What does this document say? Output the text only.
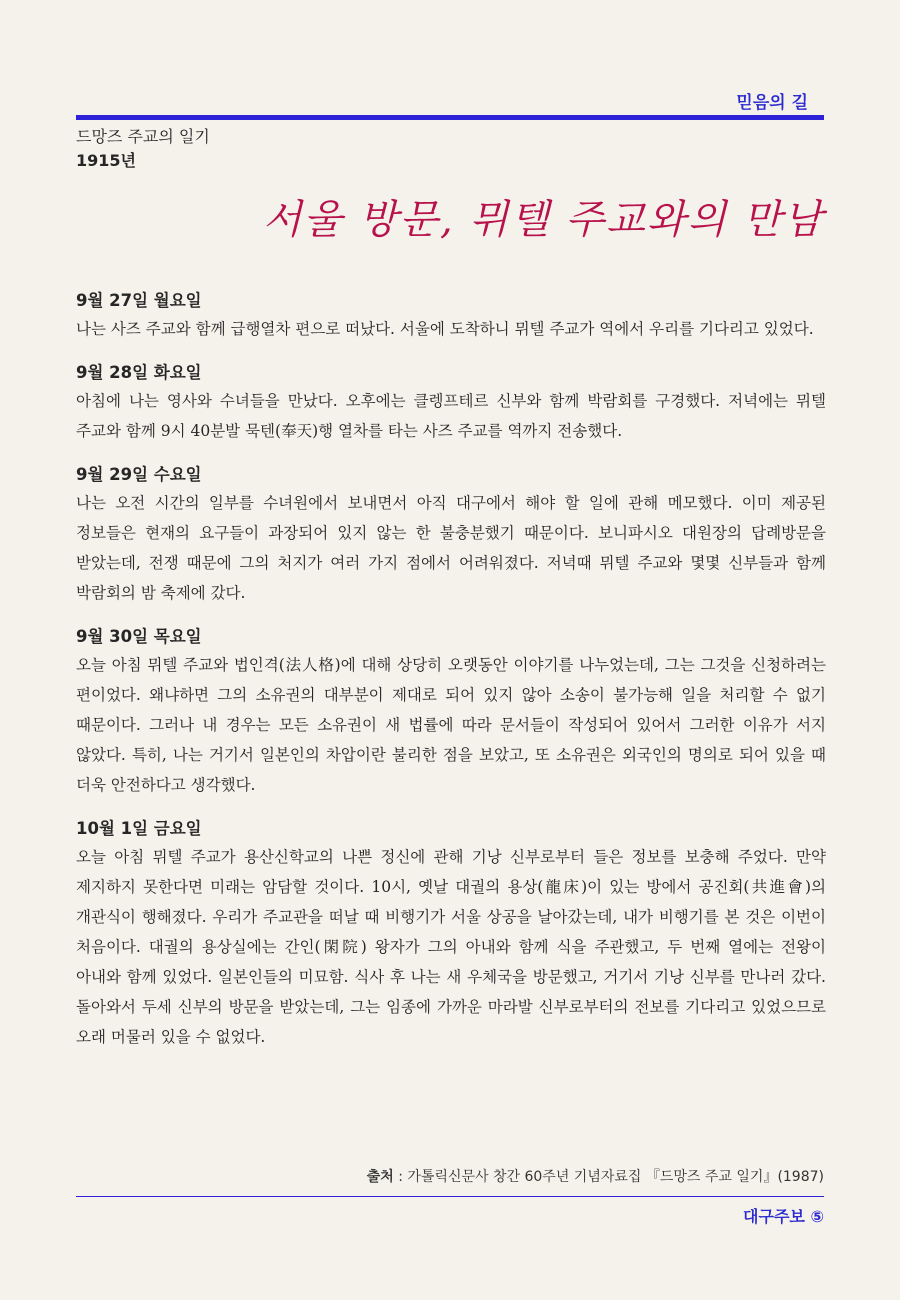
믿음의 길
드망즈 주교의 일기
1915년
서울 방문, 뮈텔 주교와의 만남
9월 27일 월요일
나는 사즈 주교와 함께 급행열차 편으로 떠났다. 서울에 도착하니 뮈텔 주교가 역에서 우리를 기다리고 있었다.
9월 28일 화요일
아침에 나는 영사와 수녀들을 만났다. 오후에는 클렝프테르 신부와 함께 박람회를 구경했다. 저녁에는 뮈텔 주교와 함께 9시 40분발 묵텐(奉天)행 열차를 타는 사즈 주교를 역까지 전송했다.
9월 29일 수요일
나는 오전 시간의 일부를 수녀원에서 보내면서 아직 대구에서 해야 할 일에 관해 메모했다. 이미 제공된 정보들은 현재의 요구들이 과장되어 있지 않는 한 불충분했기 때문이다. 보니파시오 대원장의 답례방문을 받았는데, 전쟁 때문에 그의 처지가 여러 가지 점에서 어려워졌다. 저녁때 뮈텔 주교와 몇몇 신부들과 함께 박람회의 밤 축제에 갔다.
9월 30일 목요일
오늘 아침 뮈텔 주교와 법인격(法人格)에 대해 상당히 오랫동안 이야기를 나누었는데, 그는 그것을 신청하려는 편이었다. 왜냐하면 그의 소유권의 대부분이 제대로 되어 있지 않아 소송이 불가능해 일을 처리할 수 없기 때문이다. 그러나 내 경우는 모든 소유권이 새 법률에 따라 문서들이 작성되어 있어서 그러한 이유가 서지 않았다. 특히, 나는 거기서 일본인의 차압이란 불리한 점을 보았고, 또 소유권은 외국인의 명의로 되어 있을 때 더욱 안전하다고 생각했다.
10월 1일 금요일
오늘 아침 뮈텔 주교가 용산신학교의 나쁜 정신에 관해 기낭 신부로부터 들은 정보를 보충해 주었다. 만약 제지하지 못한다면 미래는 암담할 것이다. 10시, 옛날 대궐의 용상(龍床)이 있는 방에서 공진회(共進會)의 개관식이 행해졌다. 우리가 주교관을 떠날 때 비행기가 서울 상공을 날아갔는데, 내가 비행기를 본 것은 이번이 처음이다. 대궐의 용상실에는 간인(閑院) 왕자가 그의 아내와 함께 식을 주관했고, 두 번째 열에는 전왕이 아내와 함께 있었다. 일본인들의 미묘함. 식사 후 나는 새 우체국을 방문했고, 거기서 기낭 신부를 만나러 갔다. 돌아와서 두세 신부의 방문을 받았는데, 그는 임종에 가까운 마라발 신부로부터의 전보를 기다리고 있었으므로 오래 머물러 있을 수 없었다.
출처 : 가톨릭신문사 창간 60주년 기념자료집 『드망즈 주교 일기』(1987)
대구주보 ⑤
